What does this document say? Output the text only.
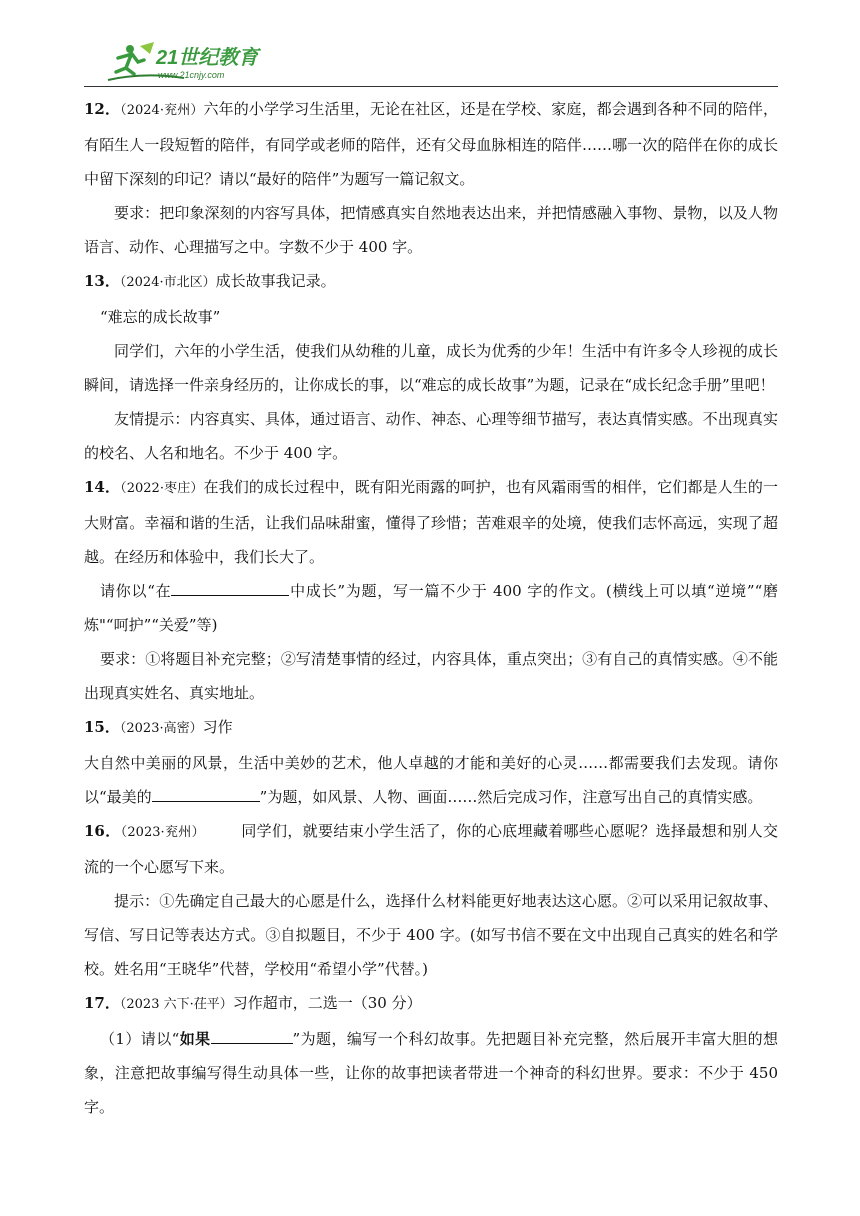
21世纪教育
www.21cnjy.com

12．（2024·兖州）六年的小学学习生活里，无论在社区，还是在学校、家庭，都会遇到各种不同的陪伴，有陌生人一段短暂的陪伴，有同学或老师的陪伴，还有父母血脉相连的陪伴……哪一次的陪伴在你的成长中留下深刻的印记？请以“最好的陪伴”为题写一篇记叙文。

要求：把印象深刻的内容写具体，把情感真实自然地表达出来，并把情感融入事物、景物，以及人物语言、动作、心理描写之中。字数不少于 400 字。

13．（2024·市北区）成长故事我记录。

“难忘的成长故事”

同学们，六年的小学生活，使我们从幼稚的儿童，成长为优秀的少年！生活中有许多令人珍视的成长瞬间，请选择一件亲身经历的，让你成长的事，以“难忘的成长故事”为题，记录在“成长纪念手册”里吧！

友情提示：内容真实、具体，通过语言、动作、神态、心理等细节描写，表达真情实感。不出现真实的校名、人名和地名。不少于 400 字。

14．（2022·枣庄）在我们的成长过程中，既有阳光雨露的呵护，也有风霜雨雪的相伴，它们都是人生的一大财富。幸福和谐的生活，让我们品味甜蜜，懂得了珍惜；苦难艰辛的处境，使我们志怀高远，实现了超越。在经历和体验中，我们长大了。

请你以“在	中成长”为题，写一篇不少于 400 字的作文。(横线上可以填“逆境”“磨炼"“呵护”“关爱”等)

要求：①将题目补充完整；②写清楚事情的经过，内容具体，重点突出；③有自己的真情实感。④不能出现真实姓名、真实地址。

15．（2023·高密）习作

大自然中美丽的风景，生活中美妙的艺术，他人卓越的才能和美好的心灵……都需要我们去发现。请你以“最美的	”为题，如风景、人物、画面……然后完成习作，注意写出自己的真情实感。

16．（2023·兖州） 同学们，就要结束小学生活了，你的心底埋藏着哪些心愿呢？选择最想和别人交流的一个心愿写下来。

提示：①先确定自己最大的心愿是什么，选择什么材料能更好地表达这心愿。②可以采用记叙故事、写信、写日记等表达方式。③自拟题目，不少于 400 字。(如写书信不要在文中出现自己真实的姓名和学校。姓名用“王晓华”代替，学校用“希望小学”代替。)

17．（2023 六下·茌平）习作超市，二选一（30 分）

（1）请以“如果	”为题，编写一个科幻故事。先把题目补充完整，然后展开丰富大胆的想象，注意把故事编写得生动具体一些，让你的故事把读者带进一个神奇的科幻世界。要求：不少于 450 字。
